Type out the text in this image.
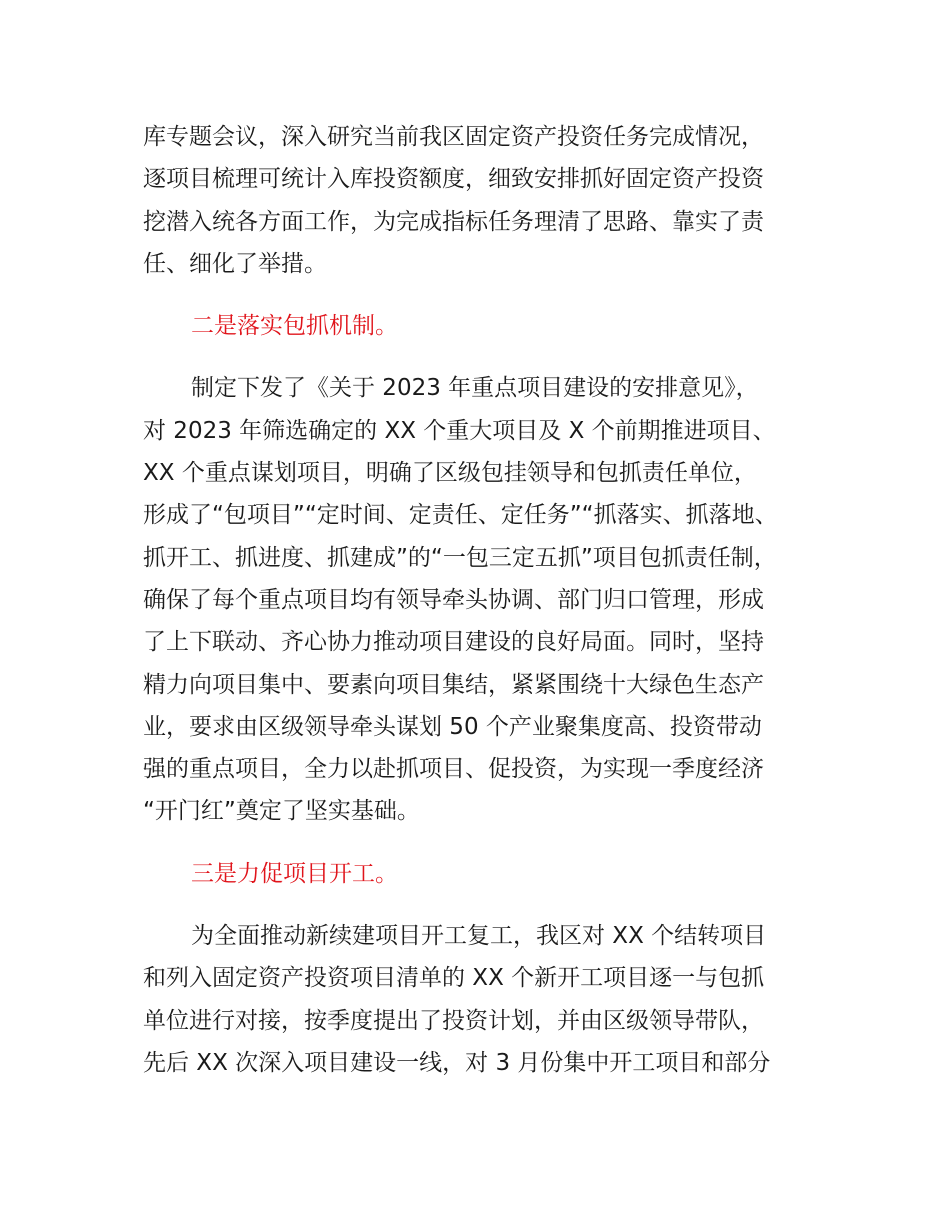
库专题会议，深入研究当前我区固定资产投资任务完成情况，
逐项目梳理可统计入库投资额度，细致安排抓好固定资产投资
挖潜入统各方面工作，为完成指标任务理清了思路、靠实了责
任、细化了举措。

二是落实包抓机制。

制定下发了《关于 2023 年重点项目建设的安排意见》，
对 2023 年筛选确定的 XX 个重大项目及 X 个前期推进项目、
XX 个重点谋划项目，明确了区级包挂领导和包抓责任单位，
形成了“包项目”“定时间、定责任、定任务”“抓落实、抓落地、
抓开工、抓进度、抓建成”的“一包三定五抓”项目包抓责任制，
确保了每个重点项目均有领导牵头协调、部门归口管理，形成
了上下联动、齐心协力推动项目建设的良好局面。同时，坚持
精力向项目集中、要素向项目集结，紧紧围绕十大绿色生态产
业，要求由区级领导牵头谋划 50 个产业聚集度高、投资带动
强的重点项目，全力以赴抓项目、促投资，为实现一季度经济
“开门红”奠定了坚实基础。

三是力促项目开工。

为全面推动新续建项目开工复工，我区对 XX 个结转项目
和列入固定资产投资项目清单的 XX 个新开工项目逐一与包抓
单位进行对接，按季度提出了投资计划，并由区级领导带队，
先后 XX 次深入项目建设一线，对 3 月份集中开工项目和部分
